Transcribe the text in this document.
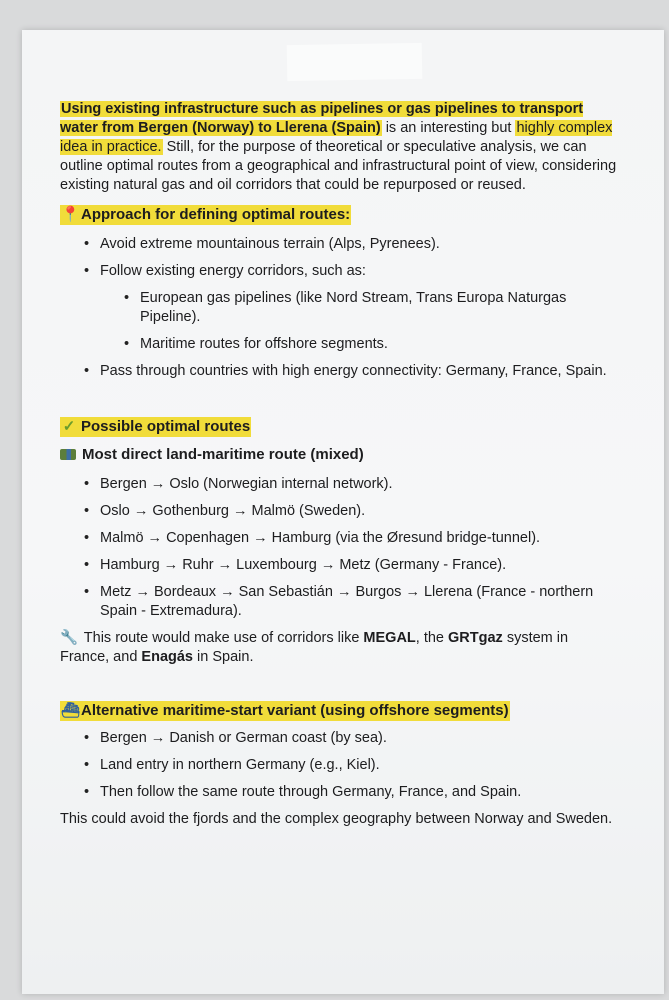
Using existing infrastructure such as pipelines or gas pipelines to transport water from Bergen (Norway) to Llerena (Spain) is an interesting but highly complex idea in practice. Still, for the purpose of theoretical or speculative analysis, we can outline optimal routes from a geographical and infrastructural point of view, considering existing natural gas and oil corridors that could be repurposed or reused.

📍Approach for defining optimal routes:
• Avoid extreme mountainous terrain (Alps, Pyrenees).
• Follow existing energy corridors, such as:
• European gas pipelines (like Nord Stream, Trans Europa Naturgas Pipeline).
• Maritime routes for offshore segments.
• Pass through countries with high energy connectivity: Germany, France, Spain.
✓ Possible optimal routes
Most direct land-maritime route (mixed)
• Bergen → Oslo (Norwegian internal network).
• Oslo → Gothenburg → Malmö (Sweden).
• Malmö → Copenhagen → Hamburg (via the Øresund bridge-tunnel).
• Hamburg → Ruhr → Luxembourg → Metz (Germany - France).
• Metz → Bordeaux → San Sebastián → Burgos → Llerena (France - northern Spain - Extremadura).

🔧 This route would make use of corridors like MEGAL, the GRTgaz system in France, and Enagás in Spain.

⛴Alternative maritime-start variant (using offshore segments)
• Bergen → Danish or German coast (by sea).
• Land entry in northern Germany (e.g., Kiel).
• Then follow the same route through Germany, France, and Spain.

This could avoid the fjords and the complex geography between Norway and Sweden.
